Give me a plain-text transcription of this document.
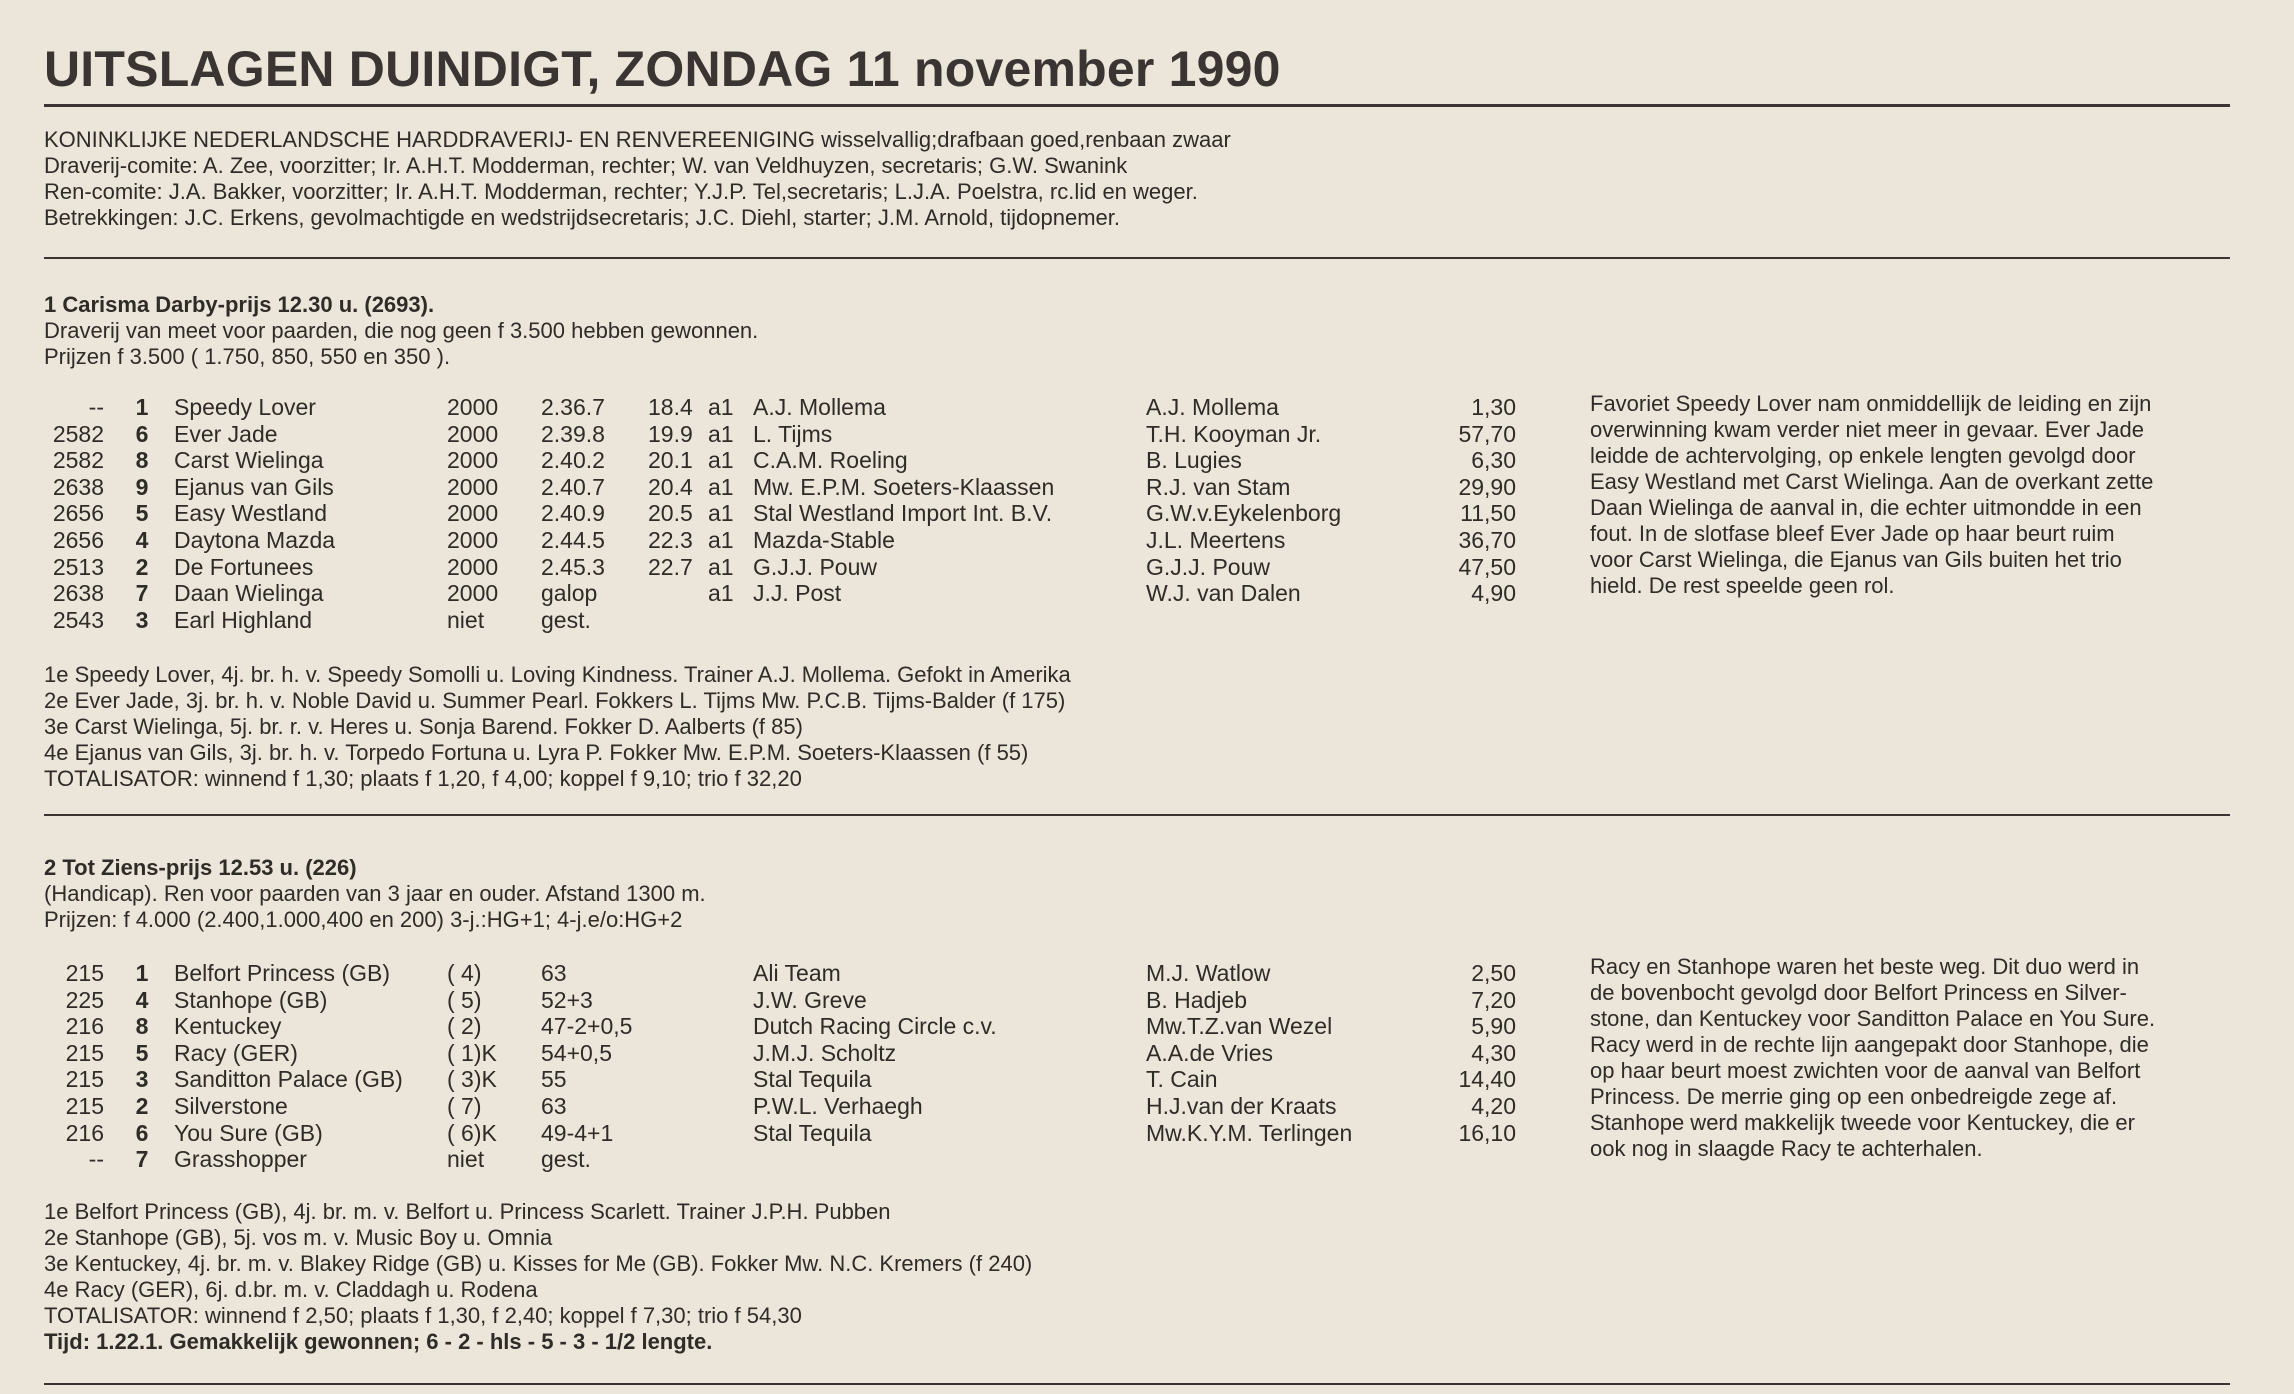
UITSLAGEN DUINDIGT, ZONDAG 11 november 1990
KONINKLIJKE NEDERLANDSCHE HARDDRAVERIJ- EN RENVEREENIGING wisselvallig;drafbaan goed,renbaan zwaar
Draverij-comite: A. Zee, voorzitter; Ir. A.H.T. Modderman, rechter; W. van Veldhuyzen, secretaris; G.W. Swanink
Ren-comite: J.A. Bakker, voorzitter; Ir. A.H.T. Modderman, rechter; Y.J.P. Tel,secretaris; L.J.A. Poelstra, rc.lid en weger.
Betrekkingen: J.C. Erkens, gevolmachtigde en wedstrijdsecretaris; J.C. Diehl, starter; J.M. Arnold, tijdopnemer.
1 Carisma Darby-prijs 12.30 u. (2693).
Draverij van meet voor paarden, die nog geen f 3.500 hebben gewonnen.
Prijzen f 3.500 ( 1.750, 850, 550 en 350 ).
--	1	Speedy Lover	2000	2.36.7	18.4	a1	A.J. Mollema	A.J. Mollema	1,30
2582	6	Ever Jade	2000	2.39.8	19.9	a1	L. Tijms	T.H. Kooyman Jr.	57,70
2582	8	Carst Wielinga	2000	2.40.2	20.1	a1	C.A.M. Roeling	B. Lugies	6,30
2638	9	Ejanus van Gils	2000	2.40.7	20.4	a1	Mw. E.P.M. Soeters-Klaassen	R.J. van Stam	29,90
2656	5	Easy Westland	2000	2.40.9	20.5	a1	Stal Westland Import Int. B.V.	G.W.v.Eykelenborg	11,50
2656	4	Daytona Mazda	2000	2.44.5	22.3	a1	Mazda-Stable	J.L. Meertens	36,70
2513	2	De Fortunees	2000	2.45.3	22.7	a1	G.J.J. Pouw	G.J.J. Pouw	47,50
2638	7	Daan Wielinga	2000	galop		a1	J.J. Post	W.J. van Dalen	4,90
2543	3	Earl Highland	niet	gest.					
Favoriet Speedy Lover nam onmiddellijk de leiding en zijn
overwinning kwam verder niet meer in gevaar. Ever Jade
leidde de achtervolging, op enkele lengten gevolgd door
Easy Westland met Carst Wielinga. Aan de overkant zette
Daan Wielinga de aanval in, die echter uitmondde in een
fout. In de slotfase bleef Ever Jade op haar beurt ruim
voor Carst Wielinga, die Ejanus van Gils buiten het trio
hield. De rest speelde geen rol.
1e Speedy Lover, 4j. br. h. v. Speedy Somolli u. Loving Kindness. Trainer A.J. Mollema. Gefokt in Amerika
2e Ever Jade, 3j. br. h. v. Noble David u. Summer Pearl. Fokkers L. Tijms Mw. P.C.B. Tijms-Balder (f 175)
3e Carst Wielinga, 5j. br. r. v. Heres u. Sonja Barend. Fokker D. Aalberts (f 85)
4e Ejanus van Gils, 3j. br. h. v. Torpedo Fortuna u. Lyra P. Fokker Mw. E.P.M. Soeters-Klaassen (f 55)
TOTALISATOR: winnend f 1,30; plaats f 1,20, f 4,00; koppel f 9,10; trio f 32,20
2 Tot Ziens-prijs 12.53 u. (226)
(Handicap). Ren voor paarden van 3 jaar en ouder. Afstand 1300 m.
Prijzen: f 4.000 (2.400,1.000,400 en 200) 3-j.:HG+1; 4-j.e/o:HG+2
215	1	Belfort Princess (GB)	( 4)	63	Ali Team	M.J. Watlow	2,50
225	4	Stanhope (GB)	( 5)	52+3	J.W. Greve	B. Hadjeb	7,20
216	8	Kentuckey	( 2)	47-2+0,5	Dutch Racing Circle c.v.	Mw.T.Z.van Wezel	5,90
215	5	Racy (GER)	( 1)K	54+0,5	J.M.J. Scholtz	A.A.de Vries	4,30
215	3	Sanditton Palace (GB)	( 3)K	55	Stal Tequila	T. Cain	14,40
215	2	Silverstone	( 7)	63	P.W.L. Verhaegh	H.J.van der Kraats	4,20
216	6	You Sure (GB)	( 6)K	49-4+1	Stal Tequila	Mw.K.Y.M. Terlingen	16,10
--	7	Grasshopper	niet	gest.			
Racy en Stanhope waren het beste weg. Dit duo werd in
de bovenbocht gevolgd door Belfort Princess en Silver-
stone, dan Kentuckey voor Sanditton Palace en You Sure.
Racy werd in de rechte lijn aangepakt door Stanhope, die
op haar beurt moest zwichten voor de aanval van Belfort
Princess. De merrie ging op een onbedreigde zege af.
Stanhope werd makkelijk tweede voor Kentuckey, die er
ook nog in slaagde Racy te achterhalen.
1e Belfort Princess (GB), 4j. br. m. v. Belfort u. Princess Scarlett. Trainer J.P.H. Pubben
2e Stanhope (GB), 5j. vos m. v. Music Boy u. Omnia
3e Kentuckey, 4j. br. m. v. Blakey Ridge (GB) u. Kisses for Me (GB). Fokker Mw. N.C. Kremers (f 240)
4e Racy (GER), 6j. d.br. m. v. Claddagh u. Rodena
TOTALISATOR: winnend f 2,50; plaats f 1,30, f 2,40; koppel f 7,30; trio f 54,30
Tijd: 1.22.1. Gemakkelijk gewonnen; 6 - 2 - hls - 5 - 3 - 1/2 lengte.
